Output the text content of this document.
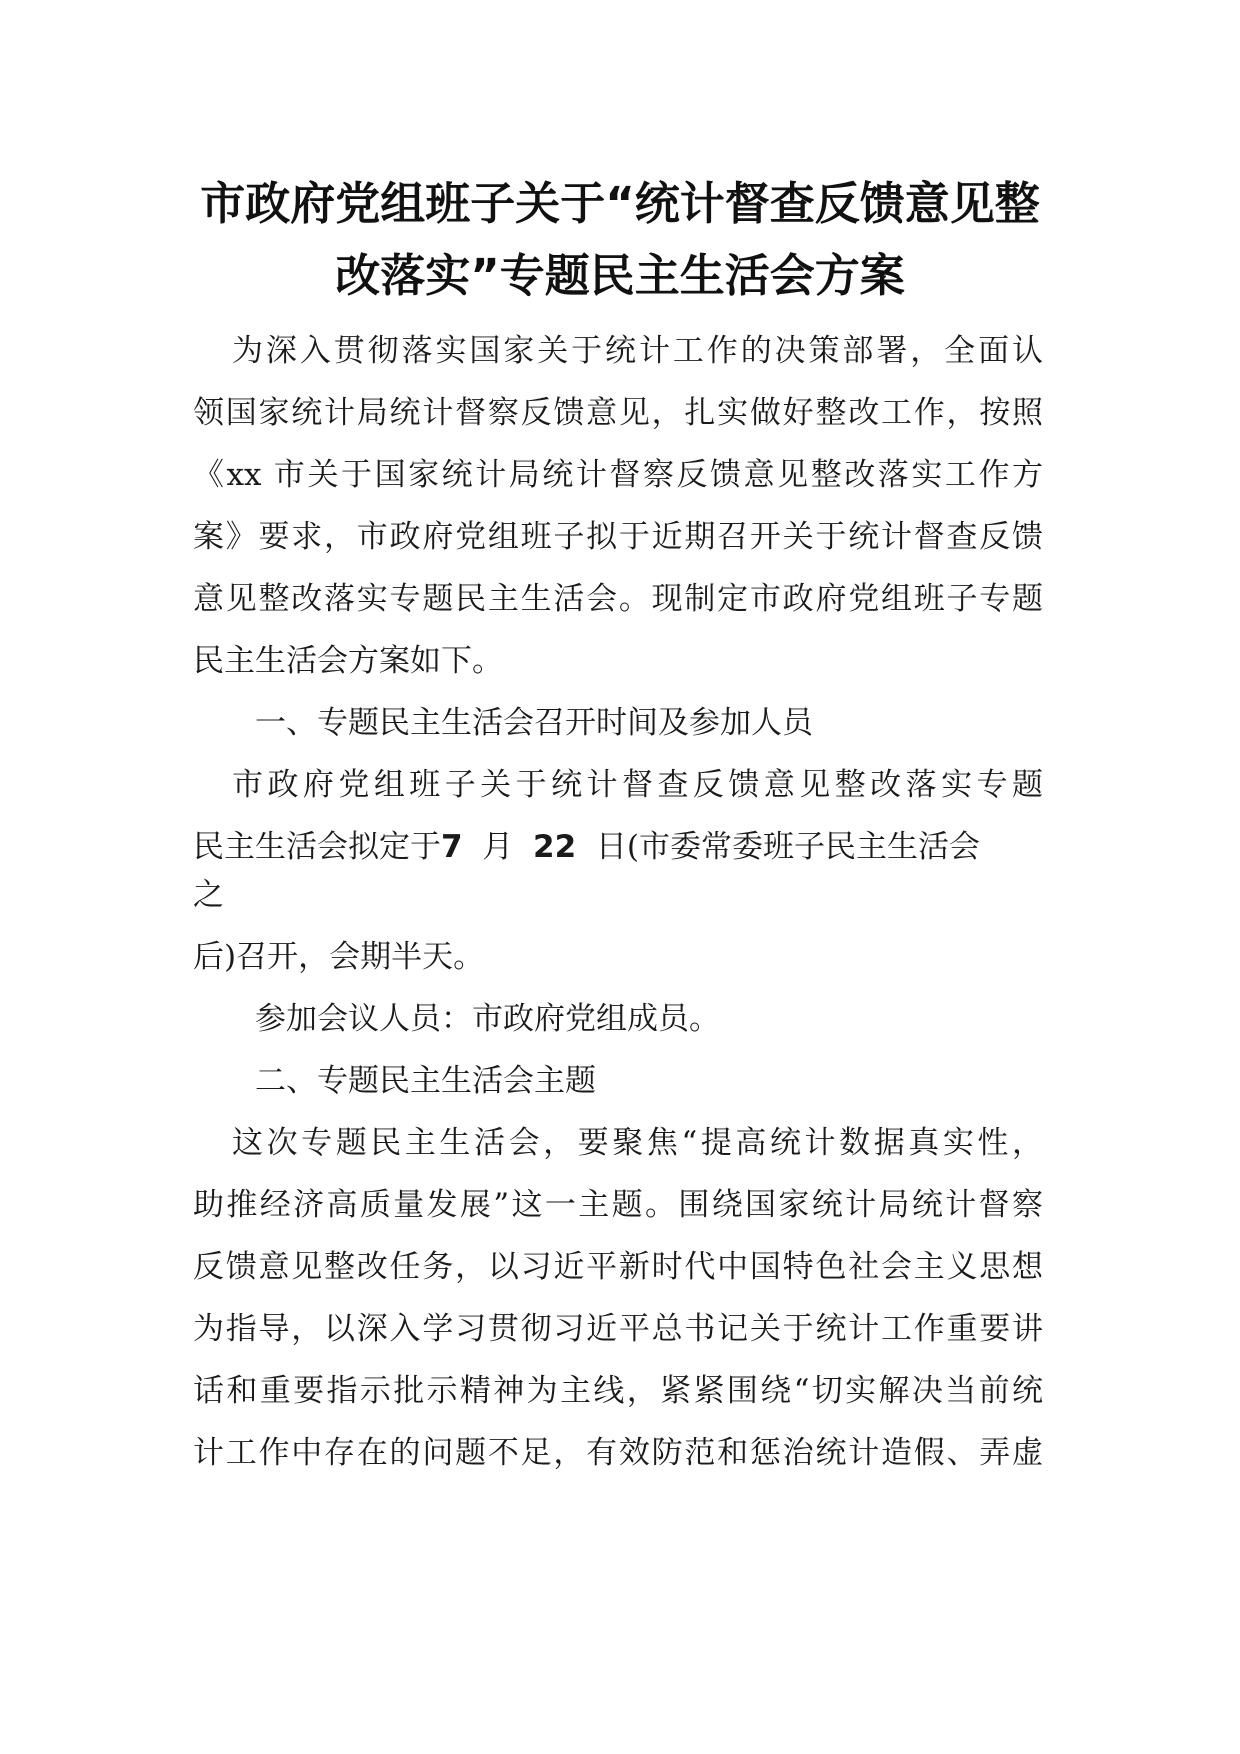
市政府党组班子关于“统计督查反馈意见整
改落实”专题民主生活会方案

为深入贯彻落实国家关于统计工作的决策部署，全面认

领国家统计局统计督察反馈意见，扎实做好整改工作，按照

《xx 市关于国家统计局统计督察反馈意见整改落实工作方

案》要求，市政府党组班子拟于近期召开关于统计督查反馈

意见整改落实专题民主生活会。现制定市政府党组班子专题

民主生活会方案如下。

一、专题民主生活会召开时间及参加人员

市政府党组班子关于统计督查反馈意见整改落实专题

民主生活会拟定于7 月 22 日(市委常委班子民主生活会

之

后)召开，会期半天。

参加会议人员：市政府党组成员。

二、专题民主生活会主题

这次专题民主生活会，要聚焦“提高统计数据真实性，

助推经济高质量发展”这一主题。围绕国家统计局统计督察

反馈意见整改任务，以习近平新时代中国特色社会主义思想

为指导，以深入学习贯彻习近平总书记关于统计工作重要讲

话和重要指示批示精神为主线，紧紧围绕“切实解决当前统

计工作中存在的问题不足，有效防范和惩治统计造假、弄虚
